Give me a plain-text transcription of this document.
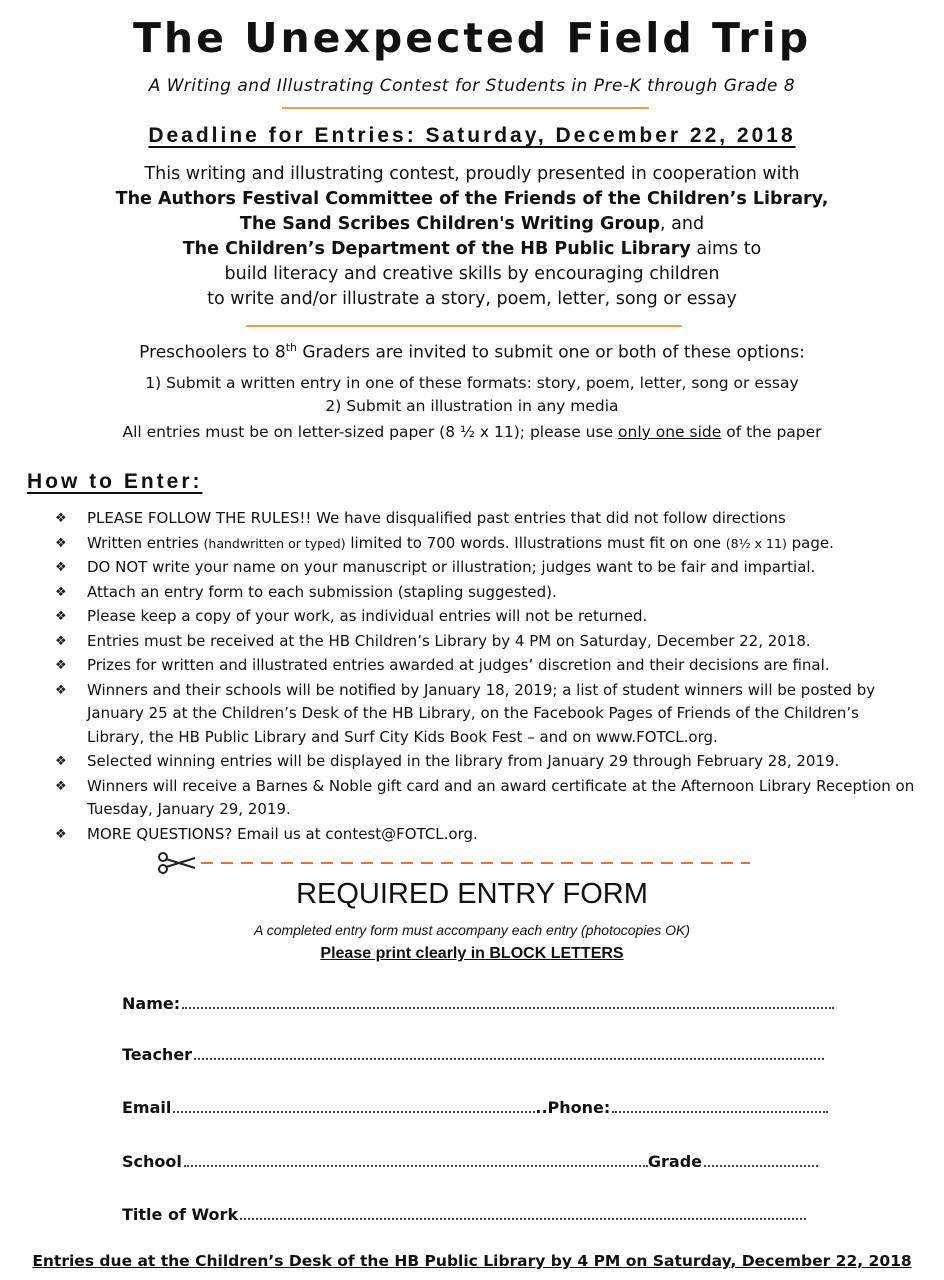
The Unexpected Field Trip
A Writing and Illustrating Contest for Students in Pre-K through Grade 8
Deadline for Entries: Saturday, December 22, 2018
This writing and illustrating contest, proudly presented in cooperation with
The Authors Festival Committee of the Friends of the Children’s Library,
The Sand Scribes Children's Writing Group, and
The Children’s Department of the HB Public Library aims to
build literacy and creative skills by encouraging children
to write and/or illustrate a story, poem, letter, song or essay
Preschoolers to 8th Graders are invited to submit one or both of these options:
1) Submit a written entry in one of these formats: story, poem, letter, song or essay
2) Submit an illustration in any media
All entries must be on letter-sized paper (8 ½ x 11); please use only one side of the paper
How to Enter:
❖	PLEASE FOLLOW THE RULES!! We have disqualified past entries that did not follow directions
❖	Written entries (handwritten or typed) limited to 700 words. Illustrations must fit on one (8½ x 11) page.
❖	DO NOT write your name on your manuscript or illustration; judges want to be fair and impartial.
❖	Attach an entry form to each submission (stapling suggested).
❖	Please keep a copy of your work, as individual entries will not be returned.
❖	Entries must be received at the HB Children’s Library by 4 PM on Saturday, December 22, 2018.
❖	Prizes for written and illustrated entries awarded at judges’ discretion and their decisions are final.
❖	Winners and their schools will be notified by January 18, 2019; a list of student winners will be posted by January 25 at the Children’s Desk of the HB Library, on the Facebook Pages of Friends of the Children’s Library, the HB Public Library and Surf City Kids Book Fest – and on www.FOTCL.org.
❖	Selected winning entries will be displayed in the library from January 29 through February 28, 2019.
❖	Winners will receive a Barnes & Noble gift card and an award certificate at the Afternoon Library Reception on Tuesday, January 29, 2019.
❖	MORE QUESTIONS? Email us at contest@FOTCL.org.
REQUIRED ENTRY FORM
A completed entry form must accompany each entry (photocopies OK)
Please print clearly in BLOCK LETTERS
Name:
Teacher
Email	..Phone:
School	Grade
Title of Work
Entries due at the Children’s Desk of the HB Public Library by 4 PM on Saturday, December 22, 2018
